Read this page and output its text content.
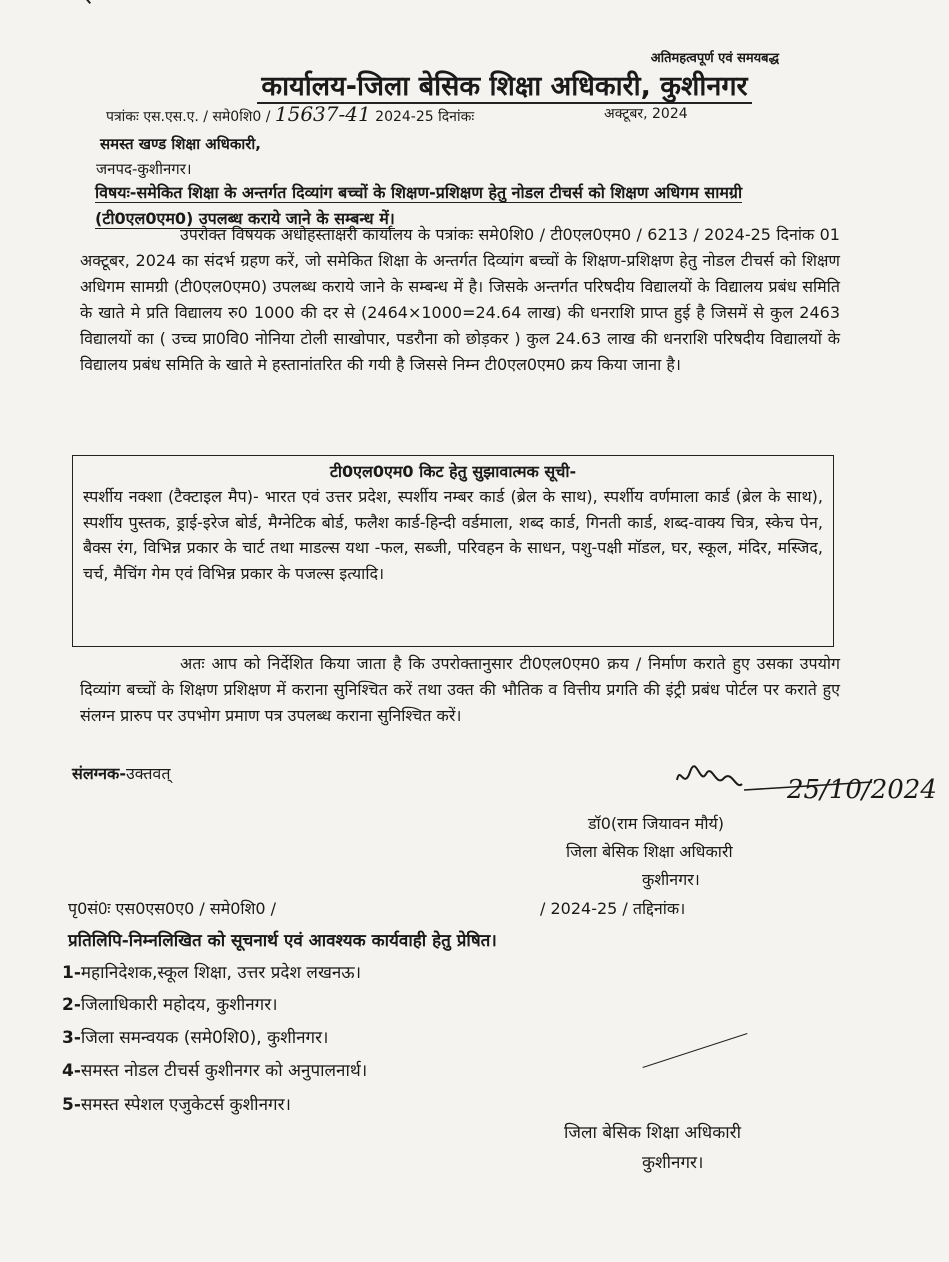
अतिमहत्वपूर्ण एवं समयबद्ध
कार्यालय-जिला बेसिक शिक्षा अधिकारी, कुशीनगर
पत्रांकः एस.एस.ए. / समे0शि0 / 15637-41 2024-25 दिनांकः	अक्टूबर, 2024
समस्त खण्ड शिक्षा अधिकारी,
जनपद-कुशीनगर।
विषयः-समेकित शिक्षा के अन्तर्गत दिव्यांग बच्चों के शिक्षण-प्रशिक्षण हेतु नोडल टीचर्स को शिक्षण अधिगम सामग्री (टी0एल0एम0) उपलब्ध कराये जाने के सम्बन्ध में।

उपरोक्त विषयक अधोहस्ताक्षरी कार्यालय के पत्रांकः समे0शि0 / टी0एल0एम0 / 6213 / 2024-25 दिनांक 01 अक्टूबर, 2024 का संदर्भ ग्रहण करें, जो समेकित शिक्षा के अन्तर्गत दिव्यांग बच्चों के शिक्षण-प्रशिक्षण हेतु नोडल टीचर्स को शिक्षण अधिगम सामग्री (टी0एल0एम0) उपलब्ध कराये जाने के सम्बन्ध में है। जिसके अन्तर्गत परिषदीय विद्यालयों के विद्यालय प्रबंध समिति के खाते मे प्रति विद्यालय रु0 1000 की दर से (2464×1000=24.64 लाख) की धनराशि प्राप्त हुई है जिसमें से कुल 2463 विद्यालयों का ( उच्च प्रा0वि0 नोनिया टोली साखोपार, पडरौना को छोड़कर ) कुल 24.63 लाख की धनराशि परिषदीय विद्यालयों के विद्यालय प्रबंध समिति के खाते मे हस्तानांतरित की गयी है जिससे निम्न टी0एल0एम0 क्रय किया जाना है।

टी0एल0एम0 किट हेतु सुझावात्मक सूची-

स्पर्शीय नक्शा (टैक्टाइल मैप)- भारत एवं उत्तर प्रदेश, स्पर्शीय नम्बर कार्ड (ब्रेल के साथ), स्पर्शीय वर्णमाला कार्ड (ब्रेल के साथ), स्पर्शीय पुस्तक, ड्राई-इरेज बोर्ड, मैग्नेटिक बोर्ड, फलैश कार्ड-हिन्दी वर्डमाला, शब्द कार्ड, गिनती कार्ड, शब्द-वाक्य चित्र, स्केच पेन, बैक्स रंग, विभिन्न प्रकार के चार्ट तथा माडल्स यथा -फल, सब्जी, परिवहन के साधन, पशु-पक्षी मॉडल, घर, स्कूल, मंदिर, मस्जिद, चर्च, मैचिंग गेम एवं विभिन्न प्रकार के पजल्स इत्यादि।

अतः आप को निर्देशित किया जाता है कि उपरोक्तानुसार टी0एल0एम0 क्रय / निर्माण कराते हुए उसका उपयोग दिव्यांग बच्चों के शिक्षण प्रशिक्षण में कराना सुनिश्चित करें तथा उक्त की भौतिक व वित्तीय प्रगति की इंट्री प्रबंध पोर्टल पर कराते हुए संलग्न प्रारुप पर उपभोग प्रमाण पत्र उपलब्ध कराना सुनिश्चित करें।

संलग्नक-उक्तवत्
25/10/2024
डॉ0(राम जियावन मौर्य)
जिला बेसिक शिक्षा अधिकारी
कुशीनगर।
पृ0सं0ः एस0एस0ए0 / समे0शि0 /	/ 2024-25 / तद्दिनांक।
प्रतिलिपि-निम्नलिखित को सूचनार्थ एवं आवश्यक कार्यवाही हेतु प्रेषित।
1-महानिदेशक,स्कूल शिक्षा, उत्तर प्रदेश लखनऊ।
2-जिलाधिकारी महोदय, कुशीनगर।
3-जिला समन्वयक (समे0शि0), कुशीनगर।
4-समस्त नोडल टीचर्स कुशीनगर को अनुपालनार्थ।
5-समस्त स्पेशल एजुकेटर्स कुशीनगर।
जिला बेसिक शिक्षा अधिकारी
कुशीनगर।
